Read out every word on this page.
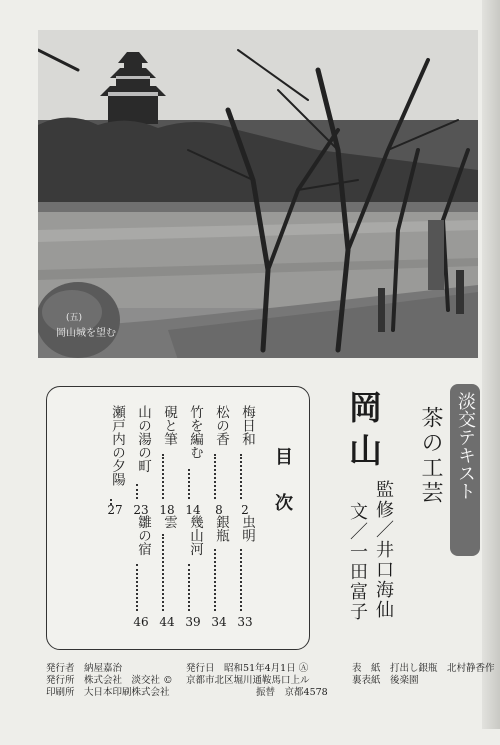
岡山城を望む
(五)
淡交テキスト
茶の工芸
岡山
監修／井口海仙
文／一田富子
目次
梅日和
2
松の香
8
竹を編む
14
硯と筆
18
山の湯の町
23
瀬戸内の夕陽
27
虫明
33
銀瓶
34
幾山河
39
雲
44
雛の宿
46
発行者　 納屋嘉治
発行所　 株式会社　淡交社 ©
印刷所　 大日本印刷株式会社
発行日　 昭和51年4月1日 Ⓐ
京都市北区堀川通鞍馬口上ル
振替　 京都4578
表　紙　 打出し銀瓶　北村静香作
裏表紙　 後楽園
